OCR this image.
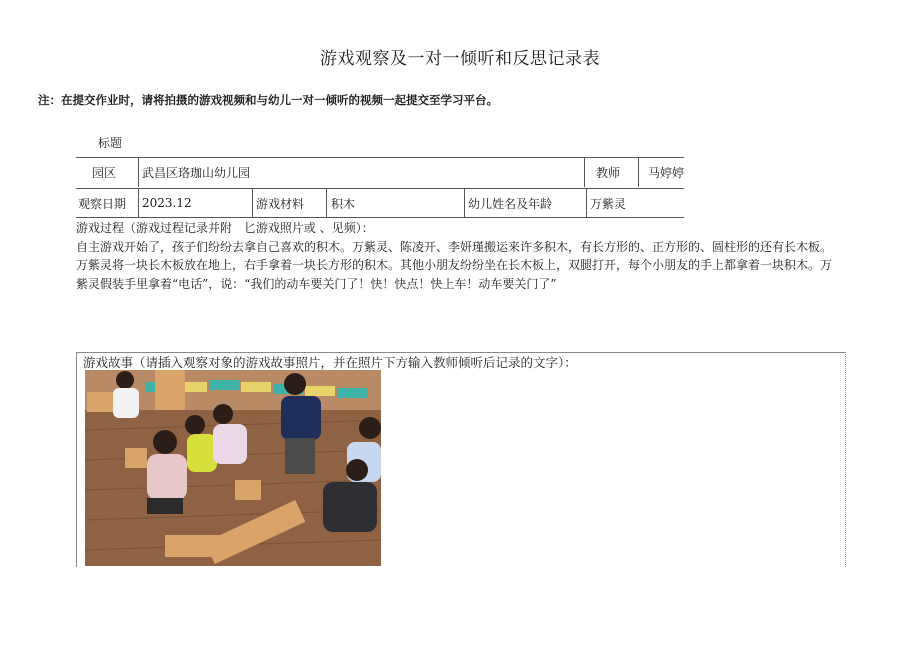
游戏观察及一对一倾听和反思记录表
注：在提交作业时，请将拍摄的游戏视频和与幼儿一对一倾听的视频一起提交至学习平台。
标题
园区 武昌区珞珈山幼儿园	教师 马婷婷
观察日期 2023.12	游戏材料 积木	幼儿姓名及年龄	万紫灵
游戏过程（游戏过程记录并附 匕游戏照片或 、见频）：
自主游戏开始了，孩子们纷纷去拿自己喜欢的积木。万紫灵、陈凌开、李妍瑾搬运来许多积木，有长方形的、正方形的、圆柱形的还有长木板。
万紫灵将一块长木板放在地上，右手拿着一块长方形的积木。其他小朋友纷纷坐在长木板上，双腿打开，每个小朋友的手上都拿着一块积木。万
紫灵假装手里拿着“电话”，说：“我们的动车要关门了！快！快点！快上车！动车要关门了”
游戏故事（请插入观察对象的游戏故事照片，并在照片下方输入教师倾听后记录的文字）：
